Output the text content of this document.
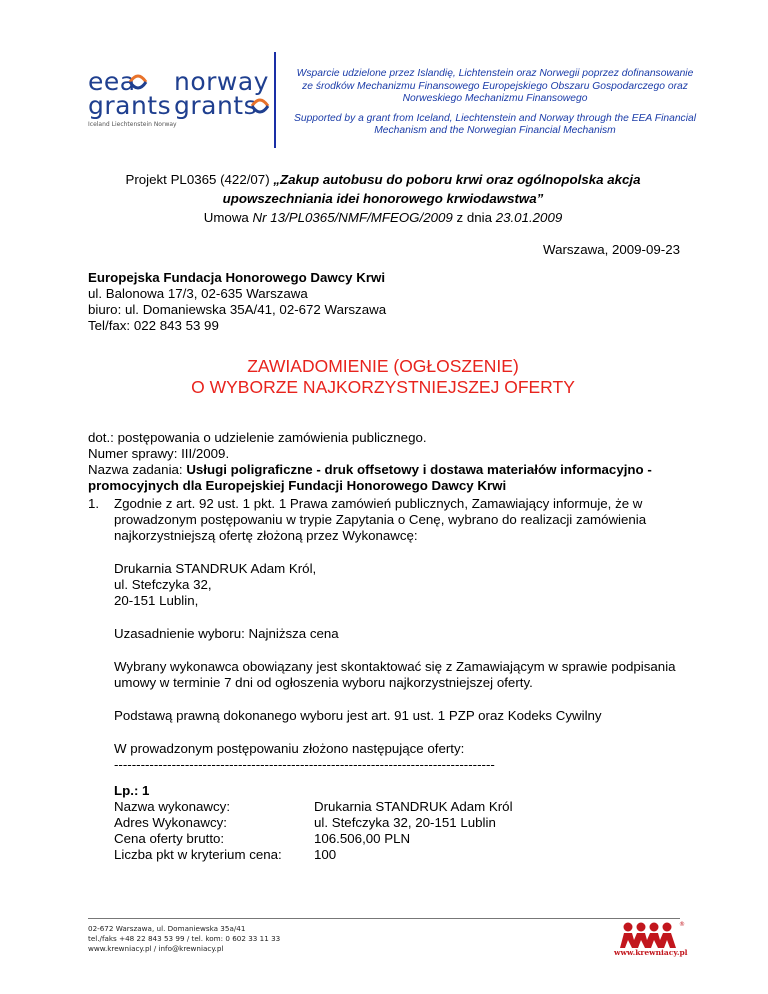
eea norway
grants grants
Iceland Liechtenstein Norway

Wsparcie udzielone przez Islandię, Lichtenstein oraz Norwegii poprzez dofinansowanie ze środków Mechanizmu Finansowego Europejskiego Obszaru Gospodarczego oraz Norweskiego Mechanizmu Finansowego

Supported by a grant from Iceland, Liechtenstein and Norway through the EEA Financial Mechanism and the Norwegian Financial Mechanism

Projekt PL0365 (422/07) „Zakup autobusu do poboru krwi oraz ogólnopolska akcja upowszechniania idei honorowego krwiodawstwa”
Umowa Nr 13/PL0365/NMF/MFEOG/2009 z dnia 23.01.2009
Warszawa, 2009-09-23
Europejska Fundacja Honorowego Dawcy Krwi
ul. Balonowa 17/3, 02-635 Warszawa
biuro: ul. Domaniewska 35A/41, 02-672 Warszawa
Tel/fax: 022 843 53 99
ZAWIADOMIENIE (OGŁOSZENIE)
O WYBORZE NAJKORZYSTNIEJSZEJ OFERTY
dot.: postępowania o udzielenie zamówienia publicznego.
Numer sprawy: III/2009.
Nazwa zadania: Usługi poligraficzne - druk offsetowy i dostawa materiałów informacyjno - promocyjnych dla Europejskiej Fundacji Honorowego Dawcy Krwi
1. Zgodnie z art. 92 ust. 1 pkt. 1 Prawa zamówień publicznych, Zamawiający informuje, że w prowadzonym postępowaniu w trypie Zapytania o Cenę, wybrano do realizacji zamówienia najkorzystniejszą ofertę złożoną przez Wykonawcę:

Drukarnia STANDRUK Adam Król,
ul. Stefczyka 32,
20-151 Lublin,

Uzasadnienie wyboru: Najniższa cena

Wybrany wykonawca obowiązany jest skontaktować się z Zamawiającym w sprawie podpisania umowy w terminie 7 dni od ogłoszenia wyboru najkorzystniejszej oferty.

Podstawą prawną dokonanego wyboru jest art. 91 ust. 1 PZP oraz Kodeks Cywilny

W prowadzonym postępowaniu złożono następujące oferty:
--------------------------------------------------------------------------------------
Lp.: 1
Nazwa wykonawcy:	Drukarnia STANDRUK Adam Król
Adres Wykonawcy:	ul. Stefczyka 32, 20-151 Lublin
Cena oferty brutto:	106.506,00 PLN
Liczba pkt w kryterium cena:	100
02-672 Warszawa, ul. Domaniewska 35a/41
tel./faks +48 22 843 53 99 / tel. kom: 0 602 33 11 33
www.krewniacy.pl / info@krewniacy.pl
®
www.krewniacy.pl
